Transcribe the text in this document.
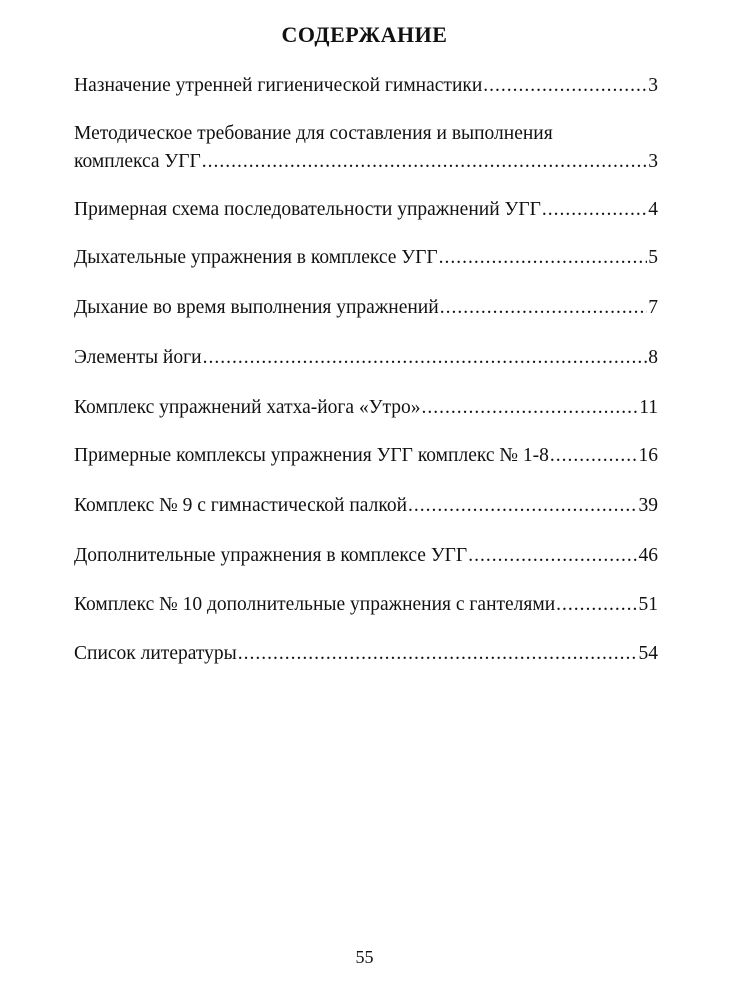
СОДЕРЖАНИЕ
Назначение утренней гигиенической гимнастики .....	3
Методическое требование для составления и выполнения
комплекса УГГ .....	3
Примерная схема последовательности упражнений УГГ .....	4
Дыхательные упражнения в комплексе УГГ .....	5
Дыхание во время выполнения упражнений .....	7
Элементы йоги .....	8
Комплекс упражнений хатха-йога «Утро» .....	11
Примерные комплексы упражнения УГГ комплекс № 1-8 .....	16
Комплекс № 9 с гимнастической палкой .....	39
Дополнительные упражнения в комплексе УГГ .....	46
Комплекс № 10 дополнительные упражнения с гантелями .....	51
Список литературы .....	54
55
